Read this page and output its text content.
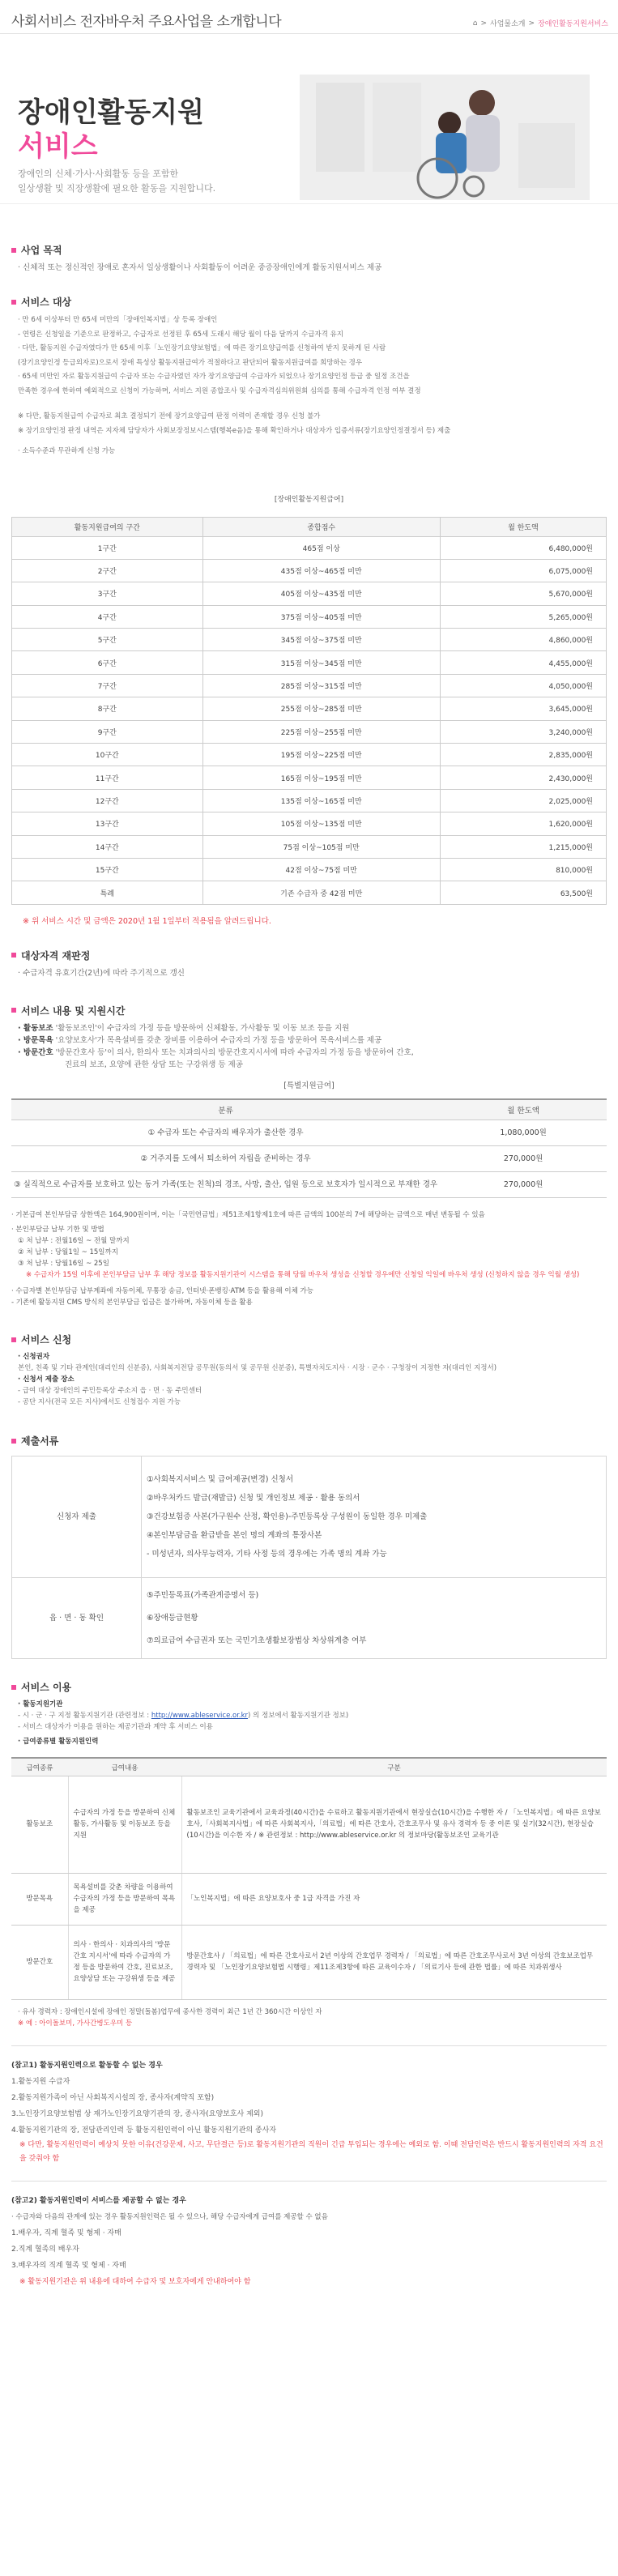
사회서비스 전자바우처 주요사업을 소개합니다	⌂ > 사업물소개 > 장애인활동지원서비스
장애인활동지원
서비스
장애인의 신체·가사·사회활동 등을 포함한
일상생활 및 직장생활에 필요한 활동을 지원합니다.
사업 목적
· 신체적 또는 정신적인 장애로 혼자서 일상생활이나 사회활동이 어려운 중증장애인에게 활동지원서비스 제공
서비스 대상
· 만 6세 이상부터 만 65세 미만의「장애인복지법」상 등록 장애인
- 연령은 신청일을 기준으로 판정하고, 수급자로 선정된 후 65세 도래시 해당 월이 다음 달까지 수급자격 유지
· 다만, 활동지원 수급자였다가 만 65세 이후「노인장기요양보험법」에 따른 장기요양급여를 신청하여 받지 못하게 된 사람
(장기요양인정 등급외자로)으로서 장애 특성상 활동지원급여가 적절하다고 판단되어 활동지원급여를 희망하는 경우
· 65세 미만인 자로 활동지원급여 수급자 또는 수급자였던 자가 장기요양급여 수급자가 되었으나 장기요양인정 등급 중 일정 조건을
만족한 경우에 한하여 예외적으로 신청이 가능하며, 서비스 지원 종합조사 및 수급자격심의위원회 심의를 통해 수급자격 인정 여부 결정
※ 다만, 활동지원급여 수급자로 최초 결정되기 전에 장기요양급여 판정 이력이 존재할 경우 신청 불가
※ 장기요양인정 판정 내역은 지자체 담당자가 사회보장정보시스템(행복e음)을 통해 확인하거나 대상자가 입증서류(장기요양인정결정서 등) 제출
· 소득수준과 무관하게 신청 가능
[장애인활동지원급여]
활동지원급여의 구간	종합점수	월 한도액
1구간	465점 이상	6,480,000원
2구간	435점 이상~465점 미만	6,075,000원
3구간	405점 이상~435점 미만	5,670,000원
4구간	375점 이상~405점 미만	5,265,000원
5구간	345점 이상~375점 미만	4,860,000원
6구간	315점 이상~345점 미만	4,455,000원
7구간	285점 이상~315점 미만	4,050,000원
8구간	255점 이상~285점 미만	3,645,000원
9구간	225점 이상~255점 미만	3,240,000원
10구간	195점 이상~225점 미만	2,835,000원
11구간	165점 이상~195점 미만	2,430,000원
12구간	135점 이상~165점 미만	2,025,000원
13구간	105점 이상~135점 미만	1,620,000원
14구간	75점 이상~105점 미만	1,215,000원
15구간	42점 이상~75점 미만	810,000원
특례	기존 수급자 중 42점 미만	63,500원
※ 위 서비스 시간 및 금액은 2020년 1월 1일부터 적용됨을 알려드립니다.
대상자격 재판정
· 수급자격 유효기간(2년)에 따라 주기적으로 갱신
서비스 내용 및 지원시간
· 활동보조 '활동보조인'이 수급자의 가정 등을 방문하여 신체활동, 가사활동 및 이동 보조 등을 지원
· 방문목욕 '요양보호사'가 목욕설비를 갖춘 장비를 이용하여 수급자의 가정 등을 방문하여 목욕서비스를 제공
· 방문간호 '방문간호사 등'이 의사, 한의사 또는 치과의사의 방문간호지시서에 따라 수급자의 가정 등을 방문하여 간호,
진료의 보조, 요양에 관한 상담 또는 구강위생 등 제공
[특별지원급여]
분류	월 한도액
① 수급자 또는 수급자의 배우자가 출산한 경우	1,080,000원
② 거주지를 도에서 퇴소하여 자립을 준비하는 경우	270,000원
③ 실직적으로 수급자를 보호하고 있는 동거 가족(또는 친척)의 경조, 사망, 출산, 입원 등으로 보호자가 일시적으로 부재한 경우	270,000원
· 기본급여 본인부담금 상한액은 164,900원이며, 이는「국민연금법」제51조제1항제1호에 따른 금액의 100분의 7에 해당하는 금액으로 매년 변동될 수 있음
· 본인부담금 납부 기한 및 방법
① 처 납부 : 전월16일 ~ 전월 말까지
② 처 납부 : 당월1일 ~ 15일까지
③ 처 납부 : 당월16일 ~ 25일
※ 수급자가 15일 이후에 본인부담금 납부 후 해당 정보를 활동지원기관이 시스템을 통해 당월 바우처 생성을 신청할 경우에만 신청일 익일에 바우처 생성 (신청하지 않을 경우 익월 생성)
· 수급자별 본인부담금 납부계좌에 자동이체, 무통장 송금, 인터넷·폰뱅킹·ATM 등을 활용해 이체 가능
- 기존에 활동지원 CMS 방식의 본인부담금 입금은 불가하며, 자동이체 등을 활용
서비스 신청
· 신청권자
본인, 친족 및 기타 관계인(대리인의 신분증), 사회복지전담 공무원(동의서 및 공무원 신분증), 특별자치도지사 · 시장 · 군수 · 구청장이 지정한 자(대리인 지정서)
· 신청서 제출 장소
- 급여 대상 장애인의 주민등록상 주소지 읍 · 면 · 동 주민센터
- 공단 지사(전국 모든 지사)에서도 신청접수 지원 가능
제출서류
신청자 제출	①사회복지서비스 및 급여제공(변경) 신청서
②바우처카드 발급(재발급) 신청 및 개인정보 제공 · 활용 동의서
③건강보험증 사본(가구원수 산정, 확인용)-주민등록상 구성원이 동일한 경우 미제출
④본인부담금을 환급받을 본인 명의 계좌의 통장사본
- 미성년자, 의사무능력자, 기타 사정 등의 경우에는 가족 명의 계좌 가능

읍 · 면 · 동 확인	⑤주민등록표(가족관계증명서 등)
⑥장애등급현황
⑦의료급여 수급권자 또는 국민기초생활보장법상 차상위계층 여부
서비스 이용
· 활동지원기관
- 시 · 군 · 구 지정 활동지원기관 (관련정보 : http://www.ableservice.or.kr) 의 정보에서 활동지원기관 정보)
- 서비스 대상자가 이용을 원하는 제공기관과 계약 후 서비스 이용
· 급여종류별 활동지원인력
급여종류	급여내용	구분
활동보조	수급자의 가정 등을 방문하여 신체활동, 가사활동 및 이동보조 등을 지원	활동보조인 교육기관에서 교육과정(40시간)을 수료하고 활동지원기관에서 현장실습(10시간)을 수행한 자 / 「노인복지법」에 따른 요양보호사,「사회복지사법」에 따른 사회복지사,「의료법」에 따른 간호사, 간호조무사 및 유사 경력자 등 중 이론 및 실기(32시간), 현장실습(10시간)을 이수한 자 / ※ 관련정보 : http://www.ableservice.or.kr 의 정보마당(활동보조인 교육기관
방문목욕	목욕설비를 갖춘 차량을 이용하여 수급자의 가정 등을 방문하여 목욕을 제공	「노인복지법」에 따른 요양보호사 중 1급 자격을 가진 자
방문간호	의사 · 한의사 · 치과의사의 '방문간호 지시서'에 따라 수급자의 가정 등을 방문하여 간호, 진료보조, 요양상담 또는 구강위생 등을 제공	방문간호사 / 「의료법」에 따른 간호사로서 2년 이상의 간호업무 경력자 / 「의료법」에 따른 간호조무사로서 3년 이상의 간호보조업무 경력자 및 「노인장기요양보험법 시행령」제11조제3항에 따른 교육이수자 / 「의료기사 등에 관한 법률」에 따른 치과위생사
· 유사 경력자 : 장애인시설에 장애인 정말(돌봄)업무에 종사한 경력이 최근 1년 간 360시간 이상인 자
※ 예 : 아이돌보미, 가사간병도우미 등
(참고1) 활동지원인력으로 활동할 수 없는 경우
1.활동지원 수급자
2.활동지원가족이 아닌 사회복지시설의 장, 종사자(계약직 포함)
3.노인장기요양보험법 상 재가노인장기요양기관의 장, 종사자(요양보호사 제외)
4.활동지원기관의 장, 전담관리인력 등 활동지원인력이 아닌 활동지원기관의 종사자
※ 다만, 활동지원인력이 예상치 못한 이유(건강문제, 사고, 무단결근 등)로 활동지원기관의 직원이 긴급 투입되는 경우에는 예외로 함. 이때 전담인력은 반드시 활동지원인력의 자격 요건을 갖춰야 함
(참고2) 활동지원인력이 서비스를 제공할 수 없는 경우
· 수급자와 다음의 관계에 있는 경우 활동지원인력은 될 수 있으나, 해당 수급자에게 급여를 제공할 수 없음
1.배우자, 직계 혈족 및 형제 · 자매
2.직계 혈족의 배우자
3.배우자의 직계 혈족 및 형제 · 자매
※ 활동지원기관은 위 내용에 대하여 수급자 및 보호자에게 안내하여야 함
